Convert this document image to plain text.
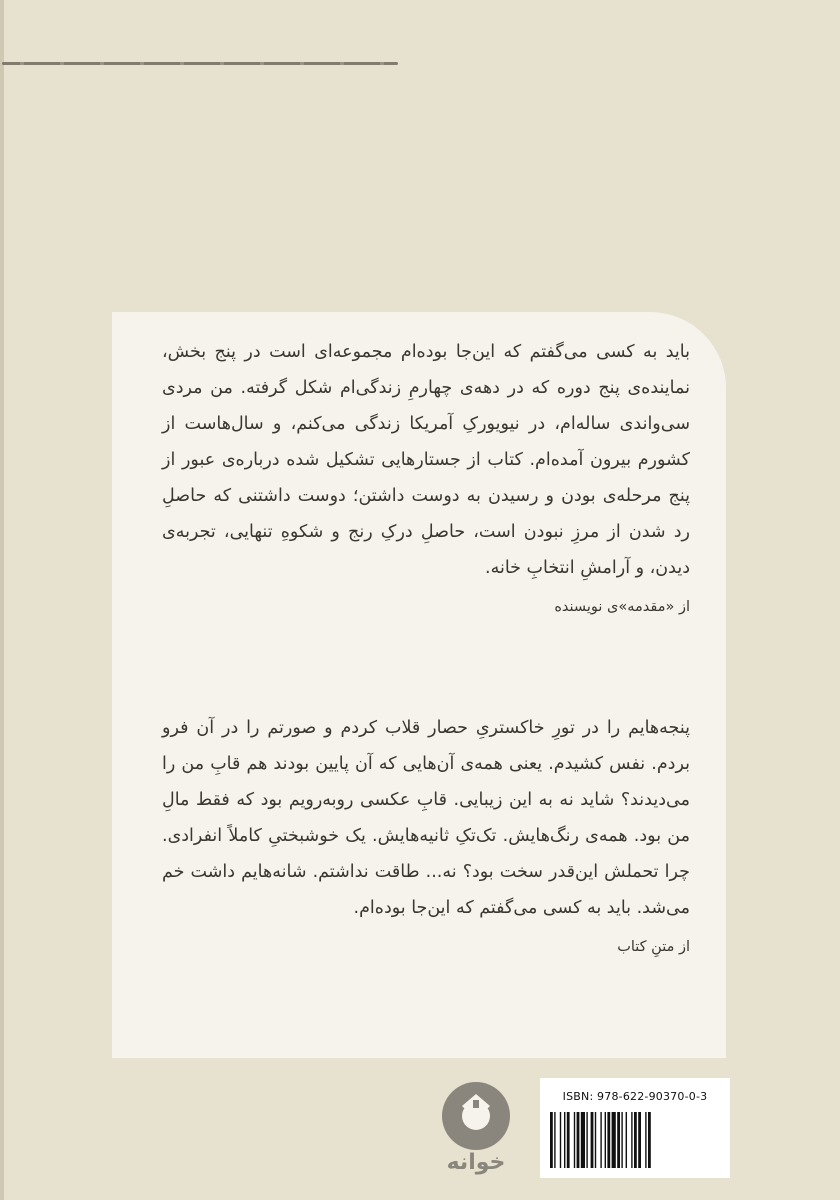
باید به کسی می‌گفتم که این‌جا بوده‌ام مجموعه‌ای است در پنج بخش، نماینده‌ی پنج دوره که در دهه‌ی چهارمِ زندگی‌ام شکل گرفته. من مردی سی‌واندی ساله‌ام، در نیویورکِ آمریکا زندگی می‌کنم، و سال‌هاست از کشورم بیرون آمده‌ام. کتاب از جستارهایی تشکیل شده درباره‌ی عبور از پنج مرحله‌ی بودن و رسیدن به دوست داشتن؛ دوست داشتنی که حاصلِ رد شدن از مرزِ نبودن است، حاصلِ درکِ رنج و شکوهِ تنهایی، تجربه‌ی دیدن، و آرامشِ انتخابِ خانه.

از «مقدمه»ی نویسنده

پنجه‌هایم را در تورِ خاکستریِ حصار قلاب کردم و صورتم را در آن فرو بردم. نفس کشیدم. یعنی همه‌ی آن‌هایی که آن پایین بودند هم قابِ من را می‌دیدند؟ شاید نه به این زیبایی. قابِ عکسی روبه‌رویم بود که فقط مالِ من بود. همه‌ی رنگ‌هایش. تک‌تکِ ثانیه‌هایش. یک خوشبختیِ کاملاً انفرادی. چرا تحملش این‌قدر سخت بود؟ نه... طاقت نداشتم. شانه‌هایم داشت خم می‌شد. باید به کسی می‌گفتم که این‌جا بوده‌ام.

از متنِ کتاب

خوانه
ISBN: 978-622-90370-0-3
